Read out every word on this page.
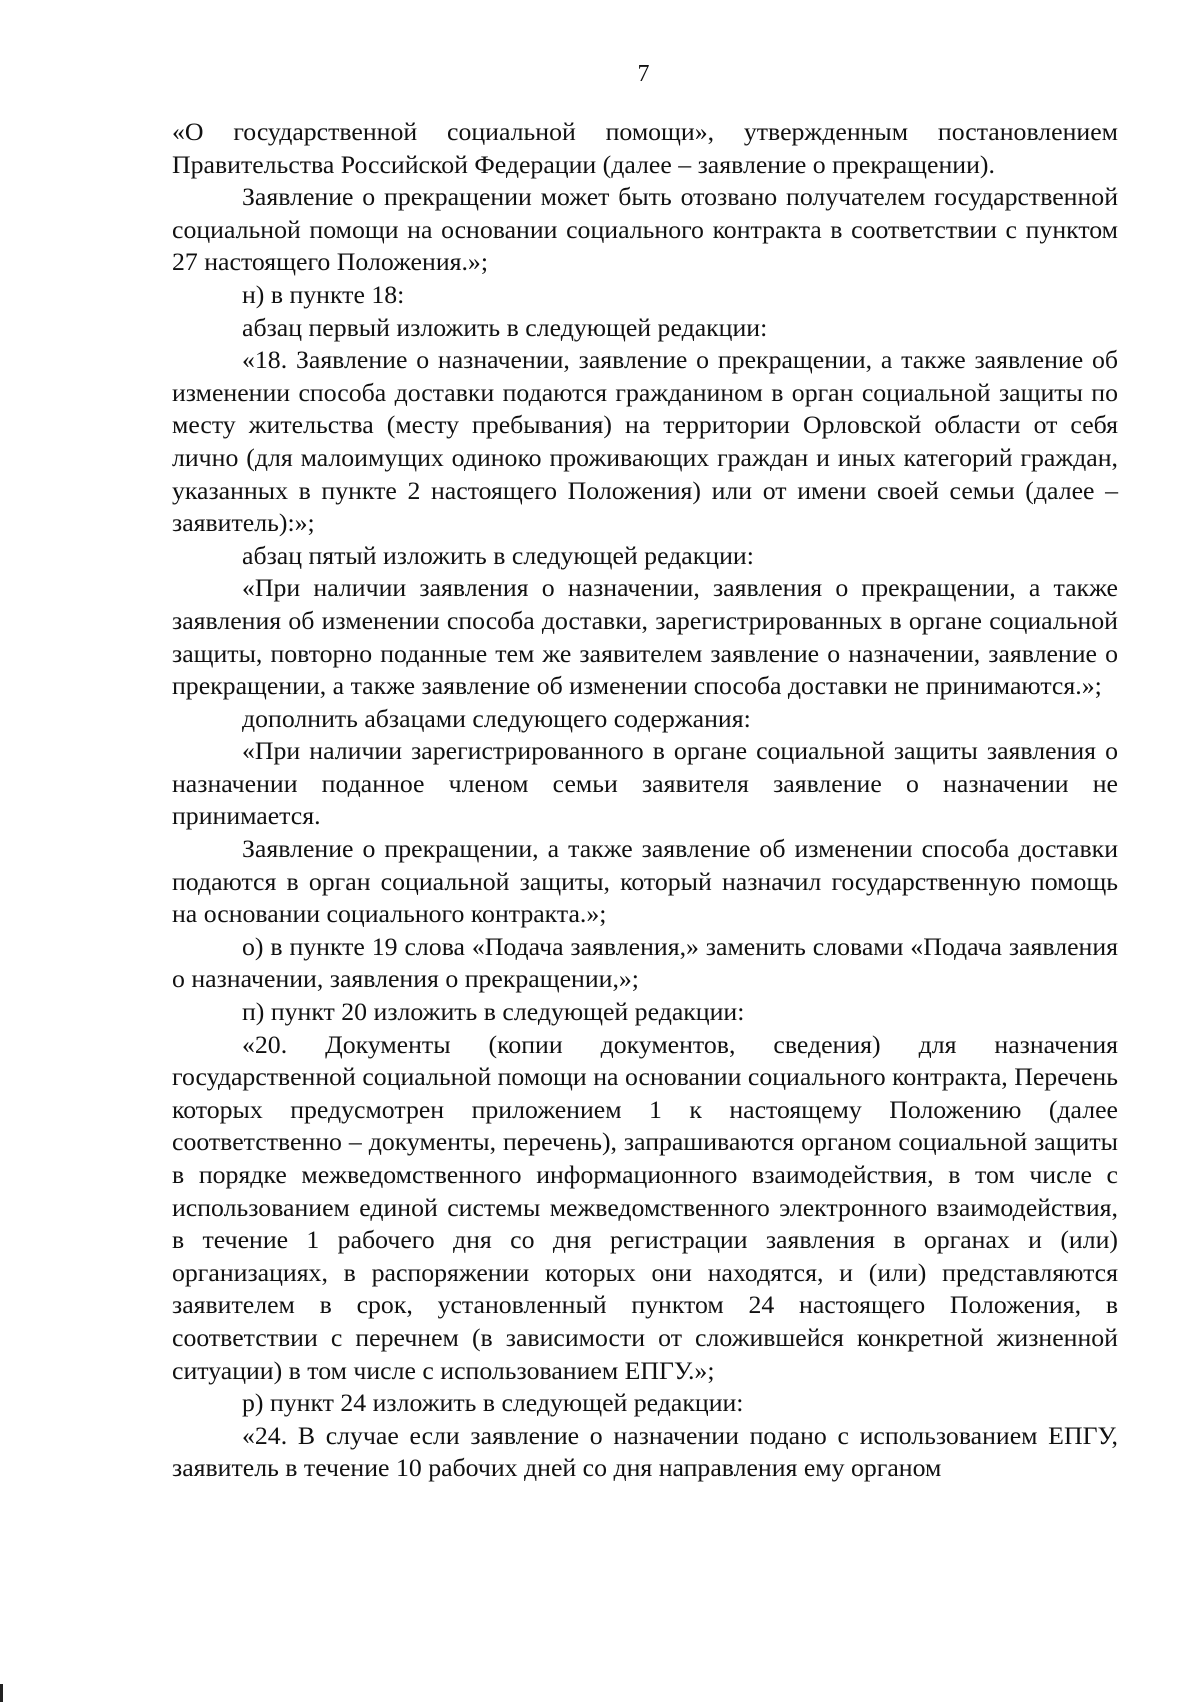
7

«О государственной социальной помощи», утвержденным постановлением Правительства Российской Федерации (далее – заявление о прекращении).

Заявление о прекращении может быть отозвано получателем государственной социальной помощи на основании социального контракта в соответствии с пунктом 27 настоящего Положения.»;

н) в пункте 18:

абзац первый изложить в следующей редакции:

«18. Заявление о назначении, заявление о прекращении, а также заявление об изменении способа доставки подаются гражданином в орган социальной защиты по месту жительства (месту пребывания) на территории Орловской области от себя лично (для малоимущих одиноко проживающих граждан и иных категорий граждан, указанных в пункте 2 настоящего Положения) или от имени своей семьи (далее – заявитель):»;

абзац пятый изложить в следующей редакции:

«При наличии заявления о назначении, заявления о прекращении, а также заявления об изменении способа доставки, зарегистрированных в органе социальной защиты, повторно поданные тем же заявителем заявление о назначении, заявление о прекращении, а также заявление об изменении способа доставки не принимаются.»;

дополнить абзацами следующего содержания:

«При наличии зарегистрированного в органе социальной защиты заявления о назначении поданное членом семьи заявителя заявление о назначении не принимается.

Заявление о прекращении, а также заявление об изменении способа доставки подаются в орган социальной защиты, который назначил государственную помощь на основании социального контракта.»;

о) в пункте 19 слова «Подача заявления,» заменить словами «Подача заявления о назначении, заявления о прекращении,»;

п) пункт 20 изложить в следующей редакции:

«20. Документы (копии документов, сведения) для назначения государственной социальной помощи на основании социального контракта, Перечень которых предусмотрен приложением 1 к настоящему Положению (далее соответственно – документы, перечень), запрашиваются органом социальной защиты в порядке межведомственного информационного взаимодействия, в том числе с использованием единой системы межведомственного электронного взаимодействия, в течение 1 рабочего дня со дня регистрации заявления в органах и (или) организациях, в распоряжении которых они находятся, и (или) представляются заявителем в срок, установленный пунктом 24 настоящего Положения, в соответствии с перечнем (в зависимости от сложившейся конкретной жизненной ситуации) в том числе с использованием ЕПГУ.»;

р) пункт 24 изложить в следующей редакции:

«24. В случае если заявление о назначении подано с использованием ЕПГУ, заявитель в течение 10 рабочих дней со дня направления ему органом
